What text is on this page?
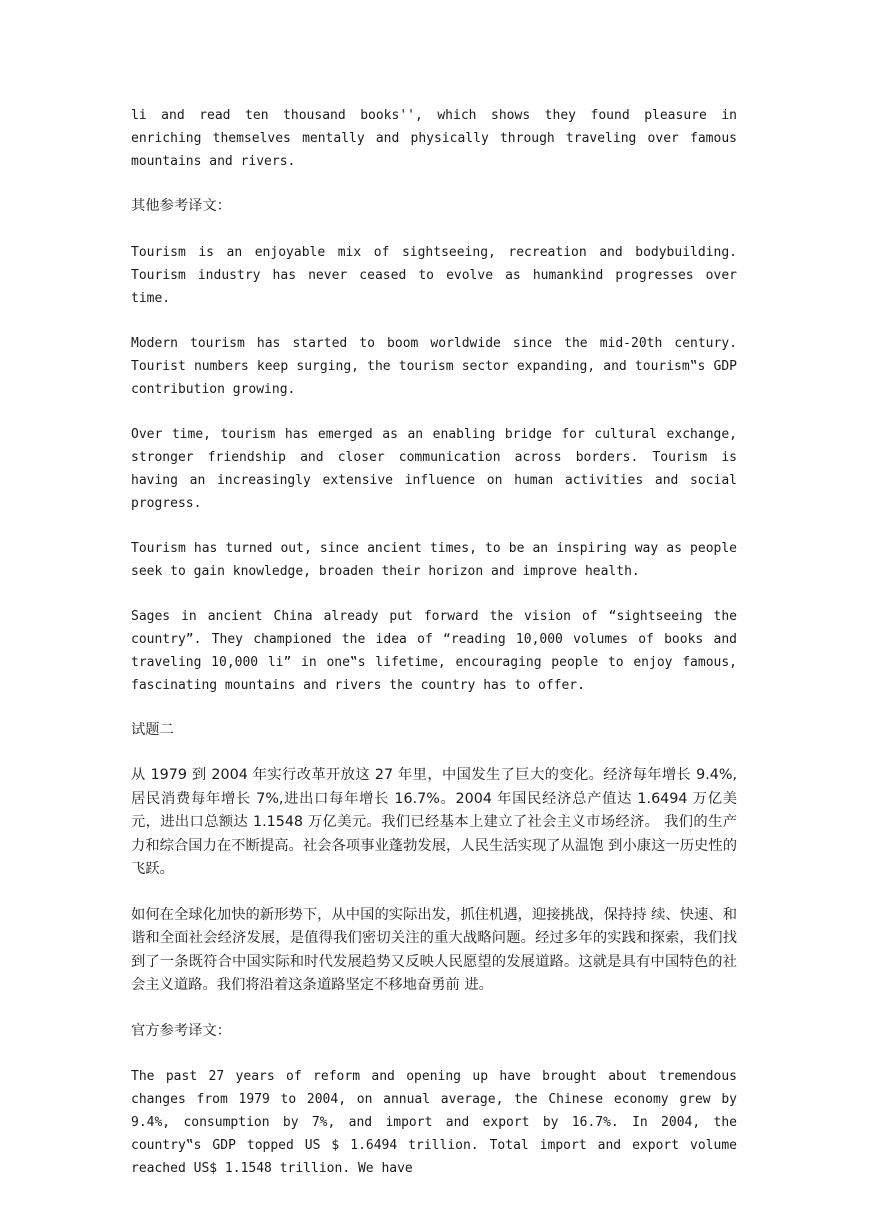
li and read ten thousand books'', which shows they found pleasure in enriching themselves mentally and physically through traveling over famous mountains and rivers.

其他参考译文：

Tourism is an enjoyable mix of sightseeing, recreation and bodybuilding. Tourism industry has never ceased to evolve as humankind progresses over time.

Modern tourism has started to boom worldwide since the mid-20th century. Tourist numbers keep surging, the tourism sector expanding, and tourism‟s GDP contribution growing.

Over time, tourism has emerged as an enabling bridge for cultural exchange, stronger friendship and closer communication across borders. Tourism is having an increasingly extensive influence on human activities and social progress.

Tourism has turned out, since ancient times, to be an inspiring way as people seek to gain knowledge, broaden their horizon and improve health.

Sages in ancient China already put forward the vision of “sightseeing the country”. They championed the idea of “reading 10,000 volumes of books and traveling 10,000 li” in one‟s lifetime, encouraging people to enjoy famous, fascinating mountains and rivers the country has to offer.

试题二

从 1979 到 2004 年实行改革开放这 27 年里，中国发生了巨大的变化。经济每年增长 9.4%,居民消费每年增长 7%,进出口每年增长 16.7%。2004 年国民经济总产值达 1.6494 万亿美元，进出口总额达 1.1548 万亿美元。我们已经基本上建立了社会主义市场经济。 我们的生产力和综合国力在不断提高。社会各项事业蓬勃发展，人民生活实现了从温饱 到小康这一历史性的飞跃。

如何在全球化加快的新形势下，从中国的实际出发，抓住机遇，迎接挑战，保持持 续、快速、和谐和全面社会经济发展，是值得我们密切关注的重大战略问题。经过多年的实践和探索，我们找到了一条既符合中国实际和时代发展趋势又反映人民愿望的发展道路。这就是具有中国特色的社会主义道路。我们将沿着这条道路坚定不移地奋勇前 进。

官方参考译文：

The past 27 years of reform and opening up have brought about tremendous changes from 1979 to 2004, on annual average, the Chinese economy grew by 9.4%, consumption by 7%, and import and export by 16.7%. In 2004, the country‟s GDP topped US $ 1.6494 trillion. Total import and export volume reached US$ 1.1548 trillion. We have
